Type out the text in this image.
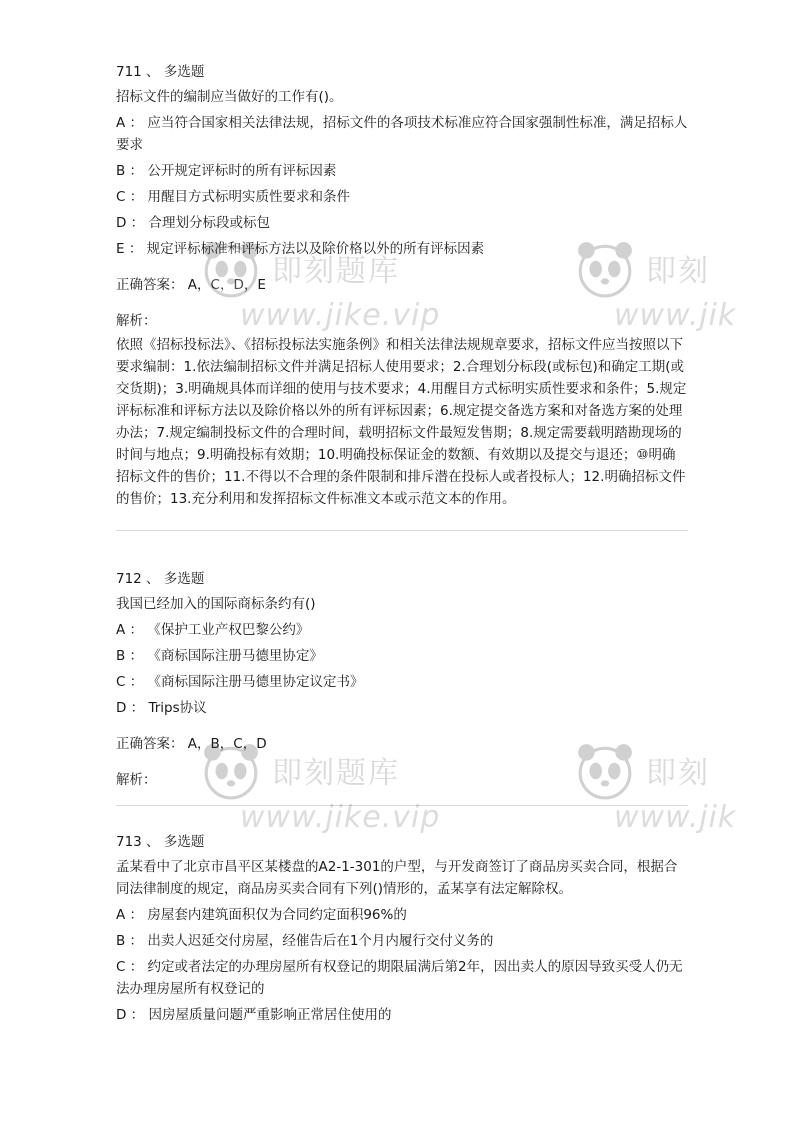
711 、 多选题
招标文件的编制应当做好的工作有()。
A ： 应当符合国家相关法律法规，招标文件的各项技术标准应符合国家强制性标准，满足招标人要求
B ： 公开规定评标时的所有评标因素
C ： 用醒目方式标明实质性要求和条件
D ： 合理划分标段或标包
E ： 规定评标标准和评标方法以及除价格以外的所有评标因素
正确答案： A，C，D，E
解析：
依照《招标投标法》、《招标投标法实施条例》和相关法律法规规章要求，招标文件应当按照以下要求编制：1.依法编制招标文件并满足招标人使用要求；2.合理划分标段(或标包)和确定工期(或交货期)；3.明确规具体而详细的使用与技术要求；4.用醒目方式标明实质性要求和条件；5.规定评标标准和评标方法以及除价格以外的所有评标因素；6.规定提交备选方案和对备选方案的处理办法；7.规定编制投标文件的合理时间，载明招标文件最短发售期；8.规定需要载明踏勘现场的时间与地点；9.明确投标有效期；10.明确投标保证金的数额、有效期以及提交与退还；⑩明确招标文件的售价；11.不得以不合理的条件限制和排斥潜在投标人或者投标人；12.明确招标文件的售价；13.充分利用和发挥招标文件标准文本或示范文本的作用。
712 、 多选题
我国已经加入的国际商标条约有()
A ： 《保护工业产权巴黎公约》
B ： 《商标国际注册马德里协定》
C ： 《商标国际注册马德里协定议定书》
D ： Trips协议
正确答案： A，B，C，D
解析：
713 、 多选题
孟某看中了北京市昌平区某楼盘的A2-1-301的户型，与开发商签订了商品房买卖合同，根据合同法律制度的规定，商品房买卖合同有下列()情形的，孟某享有法定解除权。
A ： 房屋套内建筑面积仅为合同约定面积96%的
B ： 出卖人迟延交付房屋，经催告后在1个月内履行交付义务的
C ： 约定或者法定的办理房屋所有权登记的期限届满后第2年，因出卖人的原因导致买受人仍无法办理房屋所有权登记的
D ： 因房屋质量问题严重影响正常居住使用的
即刻题库
www.jike.vip
即刻
www.jik
即刻题库
www.jike.vip
即刻
www.jik
